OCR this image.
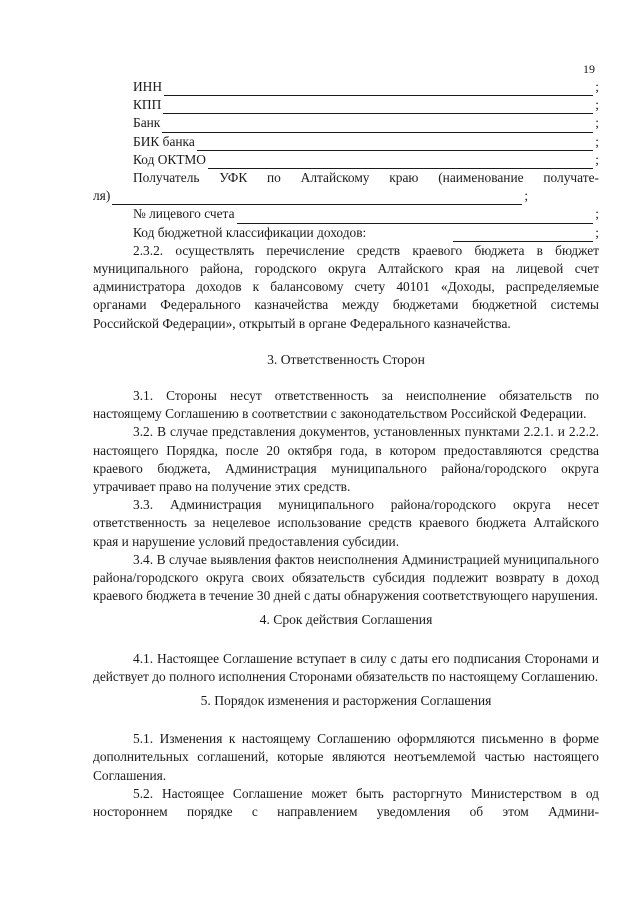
19
ИНН	;
КПП	;
Банк	;
БИК банка	;
Код ОКТМО	;

Получатель УФК по Алтайскому краю (наименование получате-

ля)	;
№ лицевого счета	;
Код бюджетной классификации доходов:	;

2.3.2. осуществлять перечисление средств краевого бюджета в бюджет муниципального района, городского округа Алтайского края на лицевой счет администратора доходов к балансовому счету 40101 «Доходы, распределяемые органами Федерального казначейства между бюджетами бюджетной системы Российской Федерации», открытый в органе Федерального казначейства.

3. Ответственность Сторон

3.1. Стороны несут ответственность за неисполнение обязательств по настоящему Соглашению в соответствии с законодательством Российской Федерации.

3.2. В случае представления документов, установленных пунктами 2.2.1. и 2.2.2. настоящего Порядка, после 20 октября года, в котором предоставляются средства краевого бюджета, Администрация муниципального района/городского округа утрачивает право на получение этих средств.

3.3. Администрация муниципального района/городского округа несет ответственность за нецелевое использование средств краевого бюджета Алтайского края и нарушение условий предоставления субсидии.

3.4. В случае выявления фактов неисполнения Администрацией муниципального района/городского округа своих обязательств субсидия подлежит возврату в доход краевого бюджета в течение 30 дней с даты обнаружения соответствующего нарушения.

4. Срок действия Соглашения

4.1. Настоящее Соглашение вступает в силу с даты его подписания Сторонами и действует до полного исполнения Сторонами обязательств по настоящему Соглашению.

5. Порядок изменения и расторжения Соглашения

5.1. Изменения к настоящему Соглашению оформляются письменно в форме дополнительных соглашений, которые являются неотъемлемой частью настоящего Соглашения.

5.2. Настоящее Соглашение может быть расторгнуто Министерством в од ностороннем порядке с направлением уведомления об этом Админи-
